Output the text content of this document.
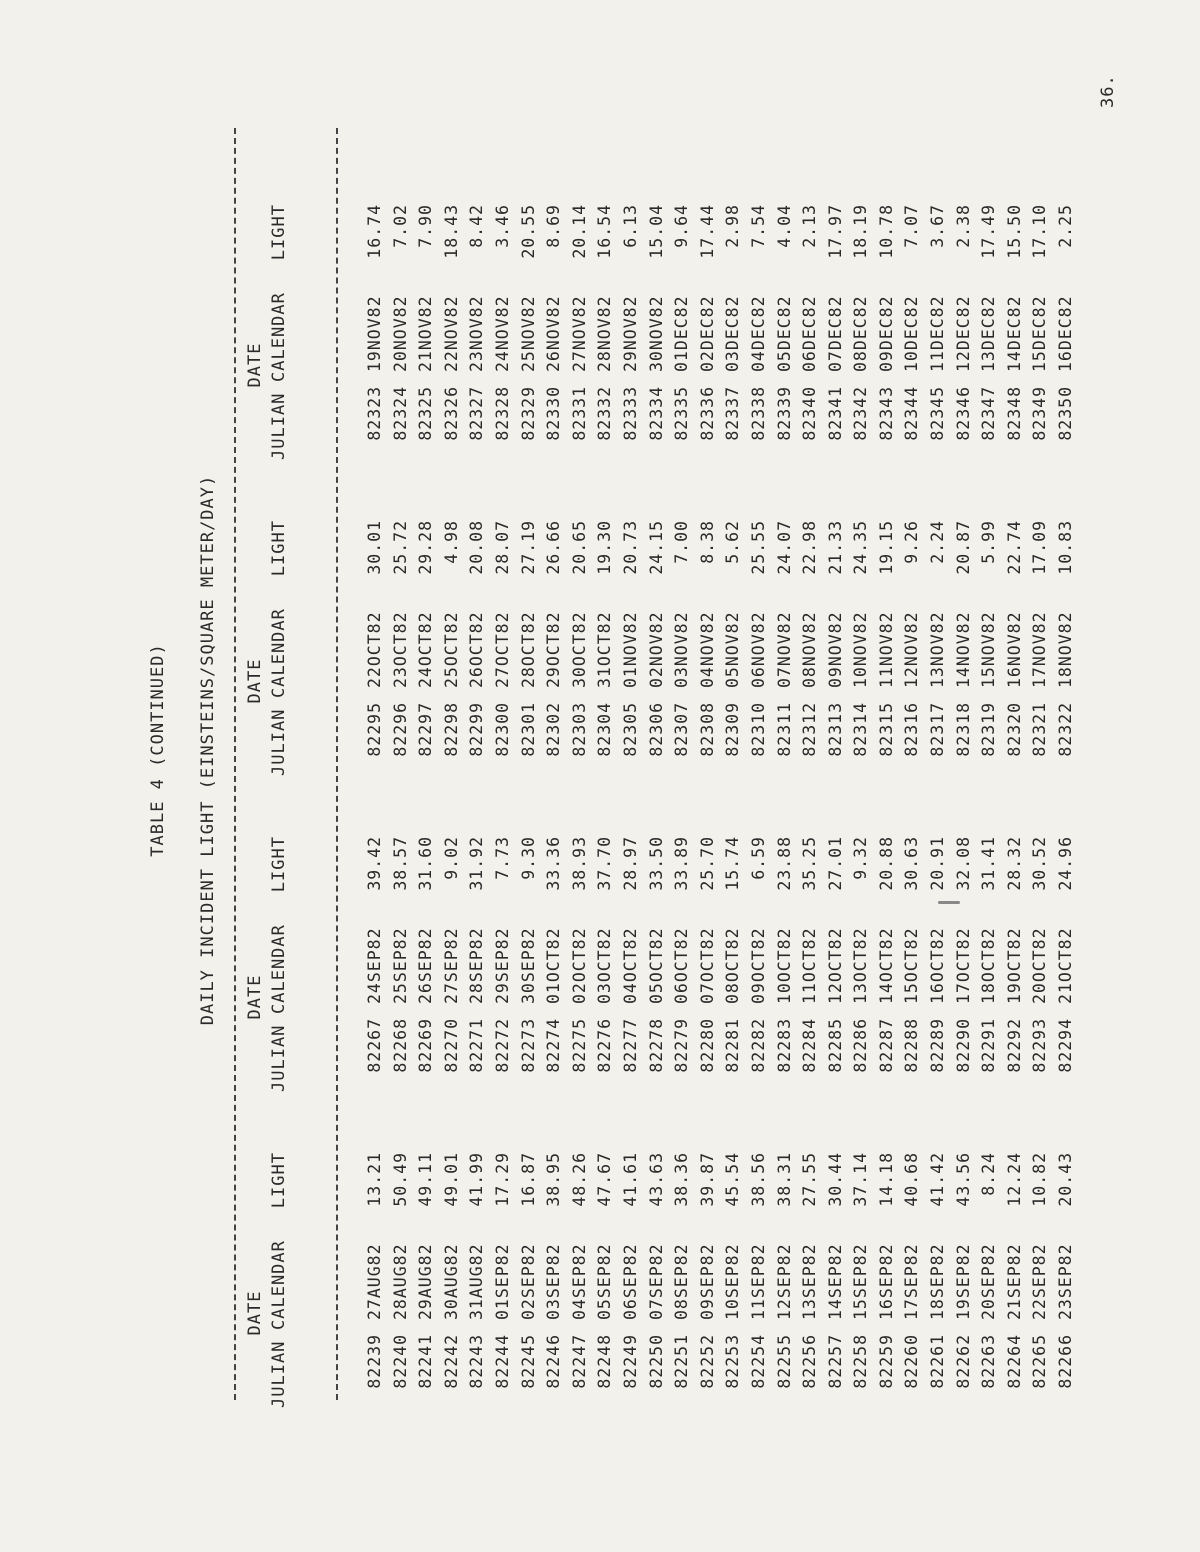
36.
TABLE 4 (CONTINUED) DAILY INCIDENT LIGHT (EINSTEINS/SQUARE METER/DAY)
DATE
JULIANCALENDARLIGHT
8223927AUG8213.21
8224028AUG8250.49
8224129AUG8249.11
8224230AUG8249.01
8224331AUG8241.99
8224401SEP8217.29
8224502SEP8216.87
8224603SEP8238.95
8224704SEP8248.26
8224805SEP8247.67
8224906SEP8241.61
8225007SEP8243.63
8225108SEP8238.36
8225209SEP8239.87
8225310SEP8245.54
8225411SEP8238.56
8225512SEP8238.31
8225613SEP8227.55
8225714SEP8230.44
8225815SEP8237.14
8225916SEP8214.18
8226017SEP8240.68
8226118SEP8241.42
8226219SEP8243.56
8226320SEP828.24
8226421SEP8212.24
8226522SEP8210.82
8226623SEP8220.43
DATE
JULIANCALENDARLIGHT
8226724SEP8239.42
8226825SEP8238.57
8226926SEP8231.60
8227027SEP829.02
8227128SEP8231.92
8227229SEP827.73
8227330SEP829.30
8227401OCT8233.36
8227502OCT8238.93
8227603OCT8237.70
8227704OCT8228.97
8227805OCT8233.50
8227906OCT8233.89
8228007OCT8225.70
8228108OCT8215.74
8228209OCT826.59
8228310OCT8223.88
8228411OCT8235.25
8228512OCT8227.01
8228613OCT829.32
8228714OCT8220.88
8228815OCT8230.63
8228916OCT8220.91
8229017OCT8232.08
8229118OCT8231.41
8229219OCT8228.32
8229320OCT8230.52
8229421OCT8224.96
DATE
JULIANCALENDARLIGHT
8229522OCT8230.01
8229623OCT8225.72
8229724OCT8229.28
8229825OCT824.98
8229926OCT8220.08
8230027OCT8228.07
8230128OCT8227.19
8230229OCT8226.66
8230330OCT8220.65
8230431OCT8219.30
8230501NOV8220.73
8230602NOV8224.15
8230703NOV827.00
8230804NOV828.38
8230905NOV825.62
8231006NOV8225.55
8231107NOV8224.07
8231208NOV8222.98
8231309NOV8221.33
8231410NOV8224.35
8231511NOV8219.15
8231612NOV829.26
8231713NOV822.24
8231814NOV8220.87
8231915NOV825.99
8232016NOV8222.74
8232117NOV8217.09
8232218NOV8210.83
DATE
JULIANCALENDARLIGHT
8232319NOV8216.74
8232420NOV827.02
8232521NOV827.90
8232622NOV8218.43
8232723NOV828.42
8232824NOV823.46
8232925NOV8220.55
8233026NOV828.69
8233127NOV8220.14
8233228NOV8216.54
8233329NOV826.13
8233430NOV8215.04
8233501DEC829.64
8233602DEC8217.44
8233703DEC822.98
8233804DEC827.54
8233905DEC824.04
8234006DEC822.13
8234107DEC8217.97
8234208DEC8218.19
8234309DEC8210.78
8234410DEC827.07
8234511DEC823.67
8234612DEC822.38
8234713DEC8217.49
8234814DEC8215.50
8234915DEC8217.10
8235016DEC822.25
